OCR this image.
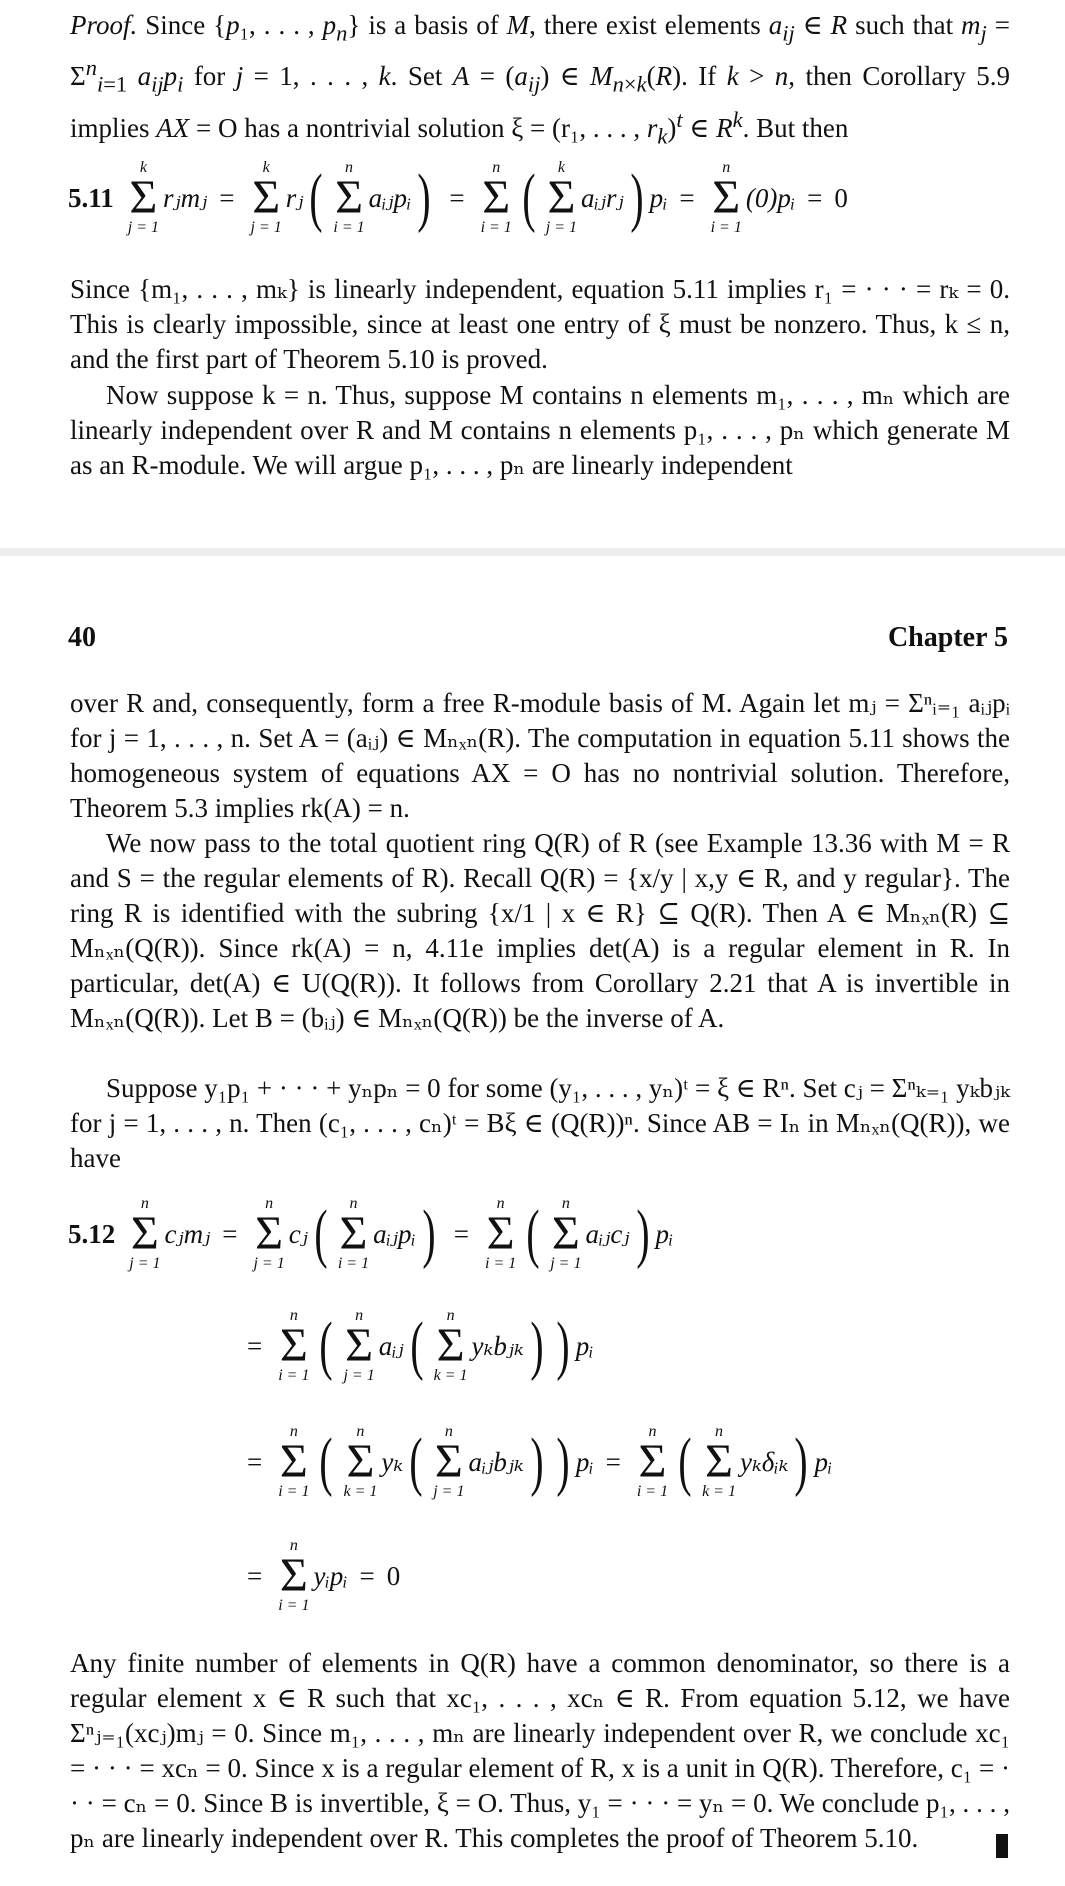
Proof. Since {p₁, . . . , $p_n$} is a basis of M, there exist elements $a_{ij}$ ∈ R such that $m_j = \Sigma^n_{i=1}$ $a_{ij}p_i$ for j = 1, . . . , k. Set $A = (a_{ij})$ ∈ $M_{n\times k}(R)$. If k > n, then Corollary 5.9 implies AX = O has a nontrivial solution ξ = (r₁, . . . , $r_k)^t$ ∈ $R^k$. But then

5.11
k
Σ
j = 1
rⱼmⱼ =
k
Σ
j = 1
rⱼ ( n
Σ
i = 1
aᵢⱼpᵢ ) =
n
Σ
i = 1 ( k
Σ
j = 1
aᵢⱼrⱼ ) pᵢ =
n
Σ
i = 1
(0)pᵢ = 0

Since {m₁, . . . , mₖ} is linearly independent, equation 5.11 implies r₁ = · · · = rₖ = 0. This is clearly impossible, since at least one entry of ξ must be nonzero. Thus, k ≤ n, and the first part of Theorem 5.10 is proved.

Now suppose k = n. Thus, suppose M contains n elements m₁, . . . , mₙ which are linearly independent over R and M contains n elements p₁, . . . , pₙ which generate M as an R-module. We will argue p₁, . . . , pₙ are linearly independent

40	Chapter 5

over R and, consequently, form a free R-module basis of M. Again let mⱼ = Σⁿᵢ₌₁ aᵢⱼpᵢ for j = 1, . . . , n. Set A = (aᵢⱼ) ∈ Mₙₓₙ(R). The computation in equation 5.11 shows the homogeneous system of equations AX = O has no nontrivial solution. Therefore, Theorem 5.3 implies rk(A) = n.

We now pass to the total quotient ring Q(R) of R (see Example 13.36 with M = R and S = the regular elements of R). Recall Q(R) = {x/y | x,y ∈ R, and y regular}. The ring R is identified with the subring {x/1 | x ∈ R} ⊆ Q(R). Then A ∈ Mₙₓₙ(R) ⊆ Mₙₓₙ(Q(R)). Since rk(A) = n, 4.11e implies det(A) is a regular element in R. In particular, det(A) ∈ U(Q(R)). It follows from Corollary 2.21 that A is invertible in Mₙₓₙ(Q(R)). Let B = (bᵢⱼ) ∈ Mₙₓₙ(Q(R)) be the inverse of A.

Suppose y₁p₁ + · · · + yₙpₙ = 0 for some (y₁, . . . , yₙ)ᵗ = ξ ∈ Rⁿ. Set cⱼ = Σⁿₖ₌₁ yₖbⱼₖ for j = 1, . . . , n. Then (c₁, . . . , cₙ)ᵗ = Bξ ∈ (Q(R))ⁿ. Since AB = Iₙ in Mₙₓₙ(Q(R)), we have

5.12
n
Σ
j = 1
cⱼmⱼ =
n
Σ
j = 1
cⱼ ( n
Σ
i = 1
aᵢⱼpᵢ ) =
n
Σ
i = 1 ( n
Σ
j = 1
aᵢⱼcⱼ ) pᵢ
=
n
Σ
i = 1 ( n
Σ
j = 1
aᵢⱼ ( n
Σ
k = 1
yₖbⱼₖ ) ) pᵢ
=
n
Σ
i = 1 ( n
Σ
k = 1
yₖ ( n
Σ
j = 1
aᵢⱼbⱼₖ ) ) pᵢ =
n
Σ
i = 1 ( n
Σ
k = 1
yₖδᵢₖ ) pᵢ
=
n
Σ
i = 1
yᵢpᵢ = 0

Any finite number of elements in Q(R) have a common denominator, so there is a regular element x ∈ R such that xc₁, . . . , xcₙ ∈ R. From equation 5.12, we have Σⁿⱼ₌₁(xcⱼ)mⱼ = 0. Since m₁, . . . , mₙ are linearly independent over R, we conclude xc₁ = · · · = xcₙ = 0. Since x is a regular element of R, x is a unit in Q(R). Therefore, c₁ = · · · = cₙ = 0. Since B is invertible, ξ = O. Thus, y₁ = · · · = yₙ = 0. We conclude p₁, . . . , pₙ are linearly independent over R. This completes the proof of Theorem 5.10.
